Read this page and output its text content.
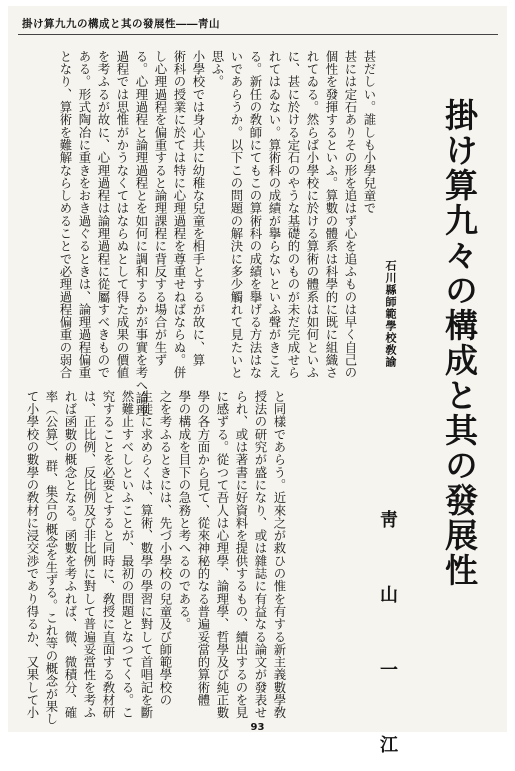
掛け算九九の構成と其の發展性――靑山
掛け算九々の構成と其の發展性
石川縣師範學校敎諭
靑 山 一 江
甚だしい。誰しも小學兒童で
甚には定石ありその形を追はず心を追ふものは早く自己の
個性を發揮するといふ。算數の體系は科學的に既に組織さ
れてゐる。然らば小學校に於ける算術の體系は如何といふ
に、甚に於ける定石のやうな基礎的のものが未だ完成せら
れてはゐない。算術科の成績が擧らないといふ聲がきこえ
る。新任の敎師にてもこの算術科の成績を擧げる方法はな
いであらうか。以下この問題の解決に多少觸れて見たいと
思ふ。
小學校では身心共に幼稚な兒童を相手とするが故に、算
術科の授業に於ては特に心理過程を尊重せねばならぬ。併
し心理過程を偏重すると論理課程に背反する場合が生ず
る。心理過程と論理過程とを如何に調和するかが事實を考へ論理
過程では思惟がかうなくてはならぬとして得た成果の價値
を考ふるが故に、心理過程は論理過程に從屬すべきもので
ある。形式陶冶に重きをおき過ぐるときは、論理過程偏重
となり、算術を難解ならしめることで必理過程偏重の弱合
て小學校の數學の敎材に浸交渉であり得るか、又果して小 率（公算）、群、集合の概念を生ずる。これ等の概念が果し れば函數の概念となる。函數を考ふれば、微、微積分、確 は、正比例、反比例及び非比例に對して普遍妥當性を考ふ 究することを必要とすると同時に、敎授に直面する敎材研 然難止すべしといふことが、最初の問題となつてくる。こ 生徒に求めらくは、算術、數學の學習に對して首唱記を斷 之を考ふるときには、先づ小學校の兒童及び師範學校の 學の構成を目下の急務と考へるのである。 學の各方面から見て、從來神秘的なる普遍妥當的算術體 に感ずる。從つて吾人は心理學、論理學、哲學及び純正數 られ、或は著書に好資料を提供するもの、續出するのを見 授法の研究が盛になり、或は雜誌に有益なる論文が發表せ と同樣であらう。近來之が救ひの惟を有する新主義數學敎
93
